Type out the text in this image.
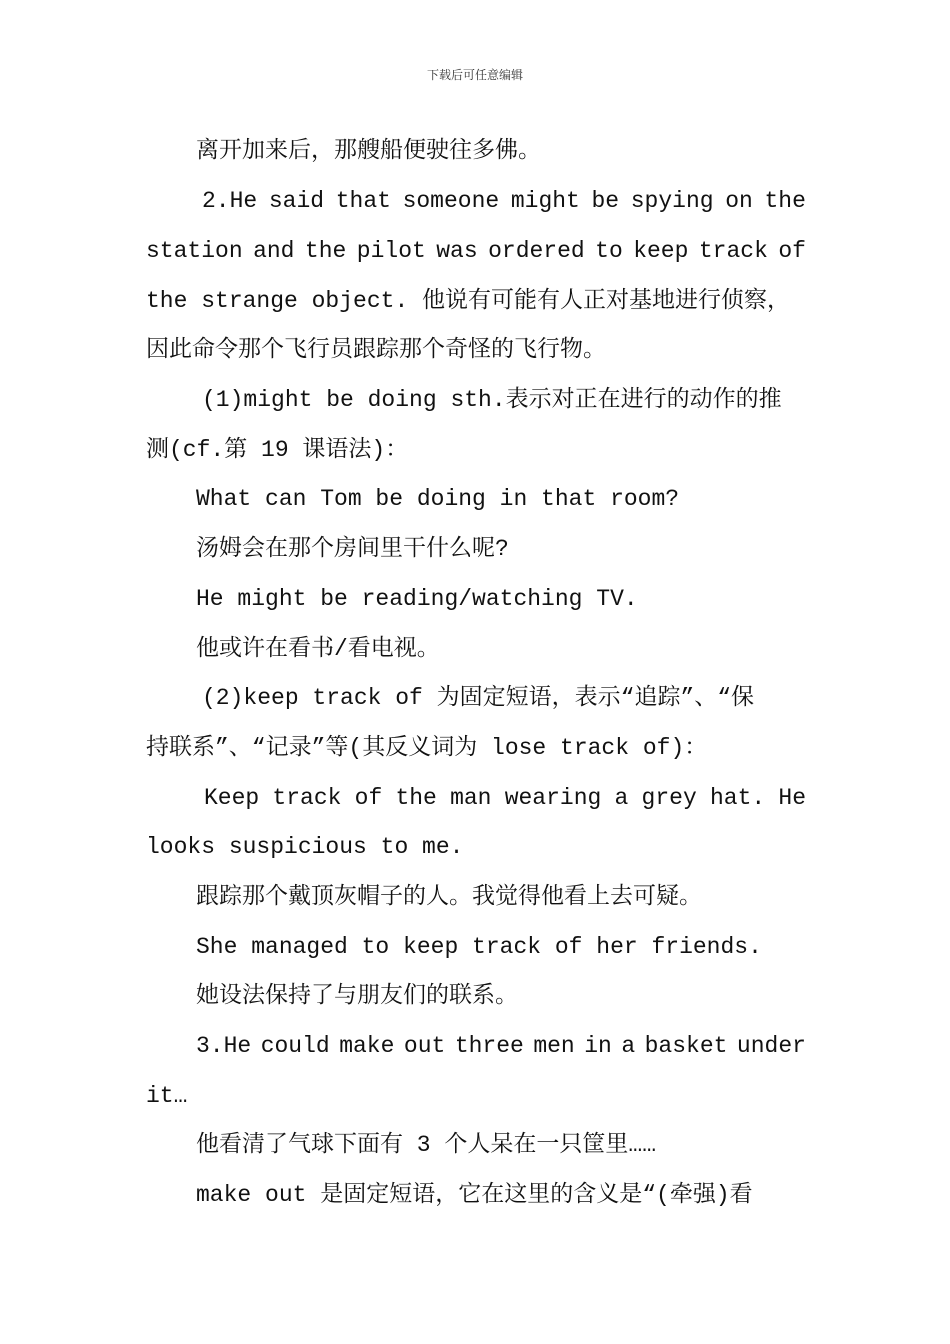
下载后可任意编辑
离开加来后，那艘船便驶往多佛。
2.He said that someone might be spying on the
station and the pilot was ordered to keep track of
the strange object. 他说有可能有人正对基地进行侦察，
因此命令那个飞行员跟踪那个奇怪的飞行物。
(1)might be doing sth.表示对正在进行的动作的推
测(cf.第 19 课语法)：
What can Tom be doing in that room?
汤姆会在那个房间里干什么呢?
He might be reading/watching TV.
他或许在看书/看电视。
(2)keep track of 为固定短语，表示“追踪”、“保
持联系”、“记录”等(其反义词为 lose track of)：
Keep track of the man wearing a grey hat. He
looks suspicious to me.
跟踪那个戴顶灰帽子的人。我觉得他看上去可疑。
She managed to keep track of her friends.
她设法保持了与朋友们的联系。
3.He could make out three men in a basket under
it…
他看清了气球下面有 3 个人呆在一只筐里……
make out 是固定短语，它在这里的含义是“(牵强)看
